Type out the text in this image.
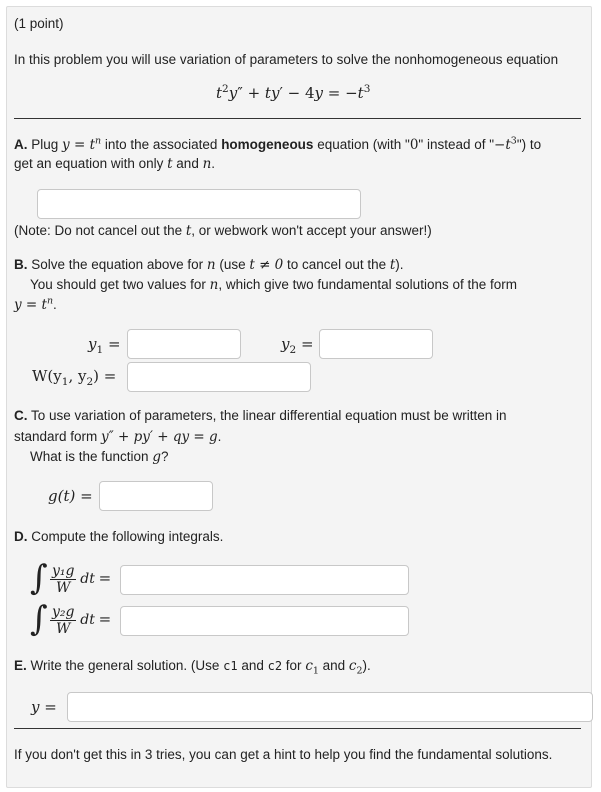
(1 point)
In this problem you will use variation of parameters to solve the nonhomogeneous equation
$t^2y'' + ty' - 4y = -t^3$
A. Plug $y = t^n$ into the associated homogeneous equation (with "0" instead of "$-t^3$") to
get an equation with only t and n.
(Note: Do not cancel out the t, or webwork won't accept your answer!)
B. Solve the equation above for n (use t ≠ 0 to cancel out the t).
You should get two values for n, which give two fundamental solutions of the form
$y = t^n$.
$y_1$ =	$y_2$ =
$W(y_1$, $y_2$) =
C. To use variation of parameters, the linear differential equation must be written in
standard form y″ + py′ + qy = g.
What is the function g?
g(t) =
D. Compute the following integrals.
∫ $\frac{\text{y₁g}}{W}$ dt =
∫ $\frac{\text{y₂g}}{W}$ dt =
E. Write the general solution. (Use c1 and c2 for $c_1$ and $c_2$).
y =
If you don't get this in 3 tries, you can get a hint to help you find the fundamental solutions.
